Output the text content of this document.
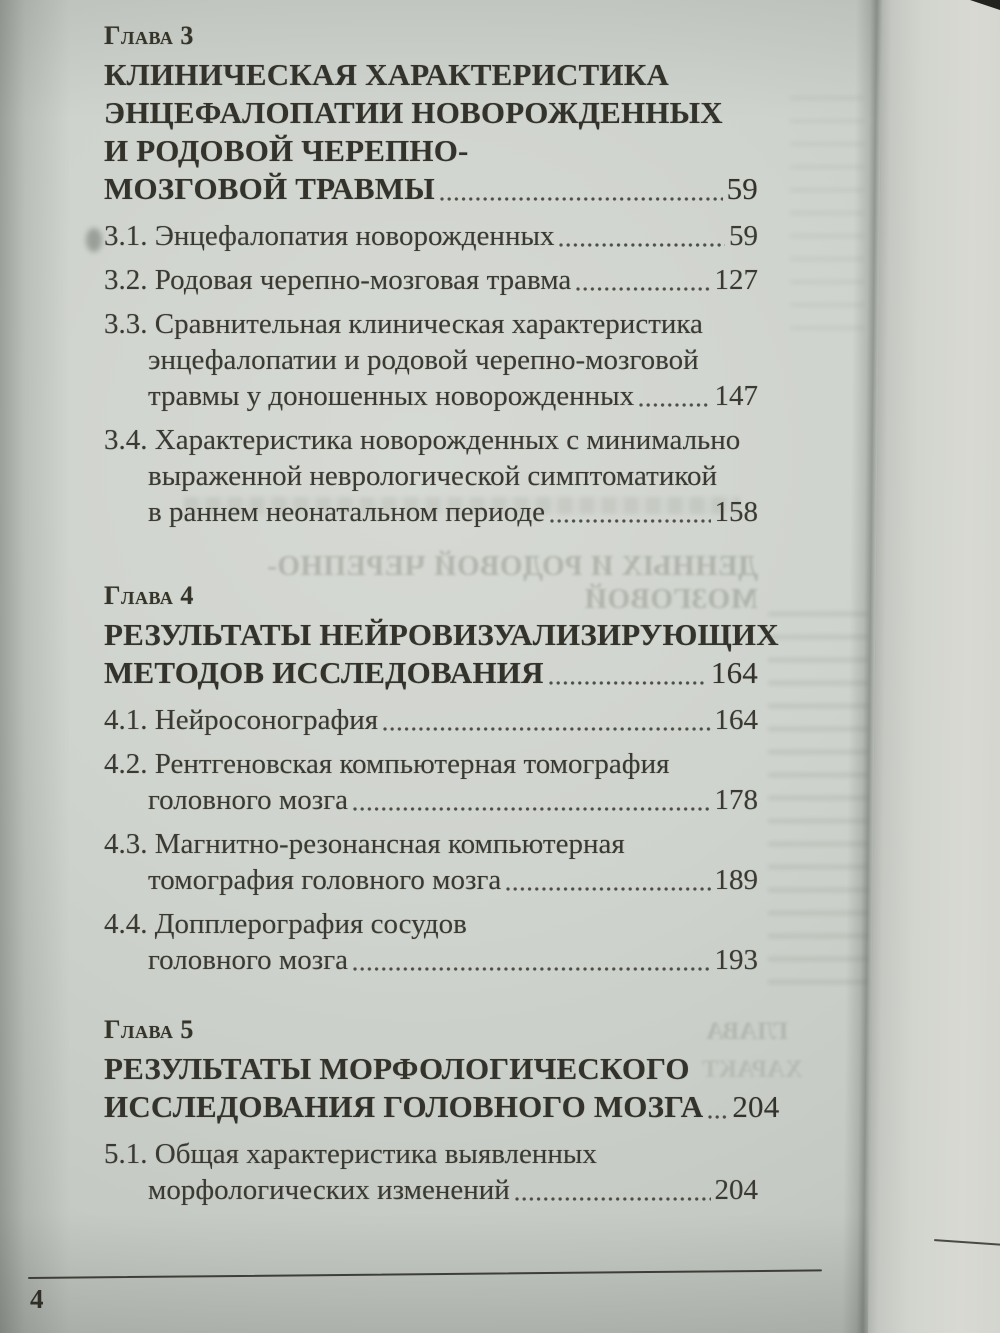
ДЕННЫХ И РОДОВОЙ ЧЕРЕПНО-МОЗГОВОЙ
ГЛАВА
ХАРАКТ
Глава 3
КЛИНИЧЕСКАЯ ХАРАКТЕРИСТИКА
ЭНЦЕФАЛОПАТИИ НОВОРОЖДЕННЫХ
И РОДОВОЙ ЧЕРЕПНО-
МОЗГОВОЙ ТРАВМЫ	59
3.1. Энцефалопатия новорожденных	59
3.2. Родовая черепно-мозговая травма	127
3.3. Сравнительная клиническая характеристика
энцефалопатии и родовой черепно-мозговой
травмы у доношенных новорожденных	147
3.4. Характеристика новорожденных с минимально
выраженной неврологической симптоматикой
в раннем неонатальном периоде	158
Глава 4
РЕЗУЛЬТАТЫ НЕЙРОВИЗУАЛИЗИРУЮЩИХ
МЕТОДОВ ИССЛЕДОВАНИЯ	164
4.1. Нейросонография	164
4.2. Рентгеновская компьютерная томография
головного мозга	178
4.3. Магнитно-резонансная компьютерная
томография головного мозга	189
4.4. Допплерография сосудов
головного мозга	193
Глава 5
РЕЗУЛЬТАТЫ МОРФОЛОГИЧЕСКОГО
ИССЛЕДОВАНИЯ ГОЛОВНОГО МОЗГА 204
5.1. Общая характеристика выявленных
морфологических изменений	204
4
